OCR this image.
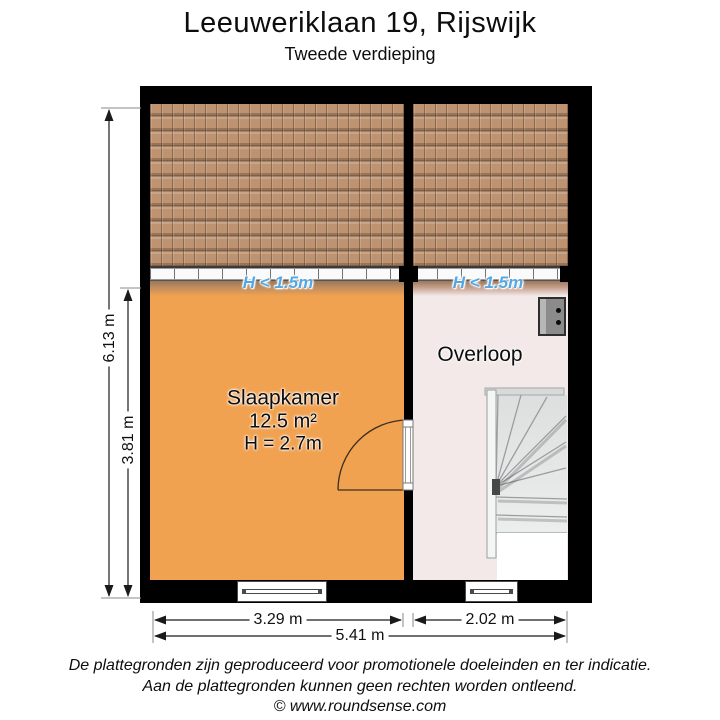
Leeuweriklaan 19, Rijswijk
Tweede verdieping
Slaapkamer
12.5 m²
H = 2.7m
Overloop
H < 1.5m	H < 1.5m
6.13 m
3.81 m
3.29 m	2.02 m
5.41 m
De plattegronden zijn geproduceerd voor promotionele doeleinden en ter indicatie.
Aan de plattegronden kunnen geen rechten worden ontleend.
© www.roundsense.com
